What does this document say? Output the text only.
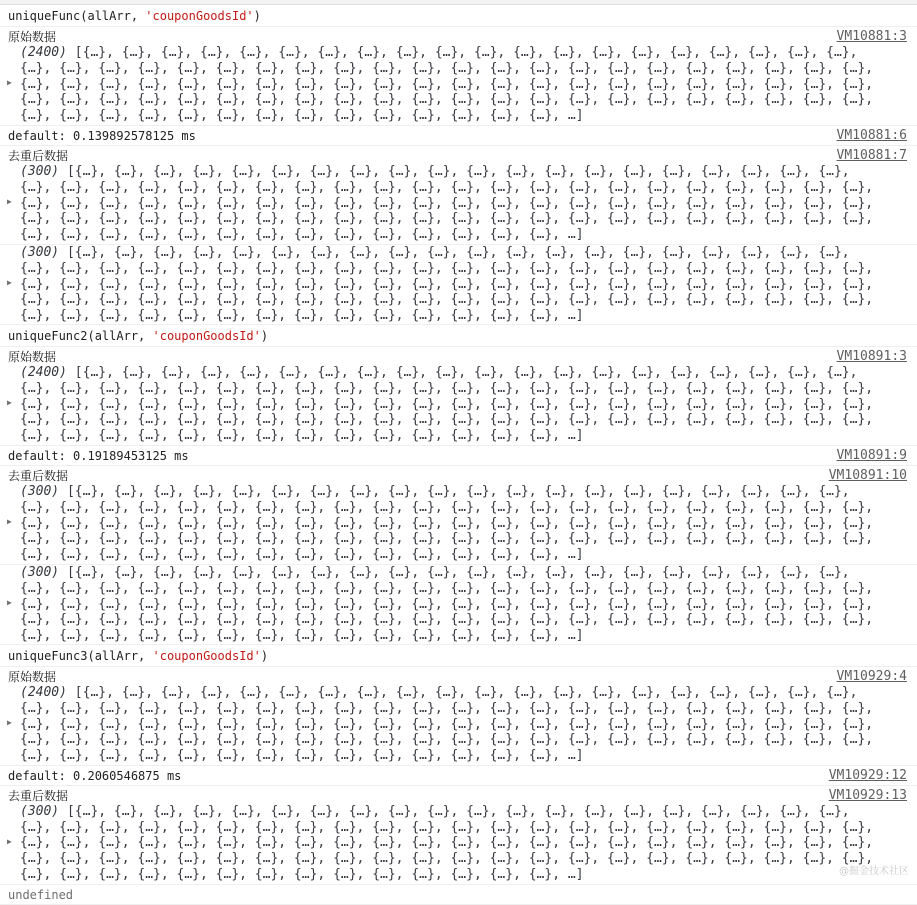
uniqueFunc(allArr, 'couponGoodsId')
原始数据
▶
(2400) [{…}, {…}, {…}, {…}, {…}, {…}, {…}, {…}, {…}, {…}, {…}, {…}, {…}, {…}, {…}, {…}, {…}, {…}, {…}, {…},
{…}, {…}, {…}, {…}, {…}, {…}, {…}, {…}, {…}, {…}, {…}, {…}, {…}, {…}, {…}, {…}, {…}, {…}, {…}, {…}, {…}, {…},
{…}, {…}, {…}, {…}, {…}, {…}, {…}, {…}, {…}, {…}, {…}, {…}, {…}, {…}, {…}, {…}, {…}, {…}, {…}, {…}, {…}, {…},
{…}, {…}, {…}, {…}, {…}, {…}, {…}, {…}, {…}, {…}, {…}, {…}, {…}, {…}, {…}, {…}, {…}, {…}, {…}, {…}, {…}, {…},
{…}, {…}, {…}, {…}, {…}, {…}, {…}, {…}, {…}, {…}, {…}, {…}, {…}, {…}, …]
VM10881:3
default: 0.139892578125 ms	VM10881:6
去重后数据
▶
(300) [{…}, {…}, {…}, {…}, {…}, {…}, {…}, {…}, {…}, {…}, {…}, {…}, {…}, {…}, {…}, {…}, {…}, {…}, {…}, {…},
{…}, {…}, {…}, {…}, {…}, {…}, {…}, {…}, {…}, {…}, {…}, {…}, {…}, {…}, {…}, {…}, {…}, {…}, {…}, {…}, {…}, {…},
{…}, {…}, {…}, {…}, {…}, {…}, {…}, {…}, {…}, {…}, {…}, {…}, {…}, {…}, {…}, {…}, {…}, {…}, {…}, {…}, {…}, {…},
{…}, {…}, {…}, {…}, {…}, {…}, {…}, {…}, {…}, {…}, {…}, {…}, {…}, {…}, {…}, {…}, {…}, {…}, {…}, {…}, {…}, {…},
{…}, {…}, {…}, {…}, {…}, {…}, {…}, {…}, {…}, {…}, {…}, {…}, {…}, {…}, …]
VM10881:7
▶
(300) [{…}, {…}, {…}, {…}, {…}, {…}, {…}, {…}, {…}, {…}, {…}, {…}, {…}, {…}, {…}, {…}, {…}, {…}, {…}, {…},
{…}, {…}, {…}, {…}, {…}, {…}, {…}, {…}, {…}, {…}, {…}, {…}, {…}, {…}, {…}, {…}, {…}, {…}, {…}, {…}, {…}, {…},
{…}, {…}, {…}, {…}, {…}, {…}, {…}, {…}, {…}, {…}, {…}, {…}, {…}, {…}, {…}, {…}, {…}, {…}, {…}, {…}, {…}, {…},
{…}, {…}, {…}, {…}, {…}, {…}, {…}, {…}, {…}, {…}, {…}, {…}, {…}, {…}, {…}, {…}, {…}, {…}, {…}, {…}, {…}, {…},
{…}, {…}, {…}, {…}, {…}, {…}, {…}, {…}, {…}, {…}, {…}, {…}, {…}, {…}, …]
uniqueFunc2(allArr, 'couponGoodsId')
原始数据
▶
(2400) [{…}, {…}, {…}, {…}, {…}, {…}, {…}, {…}, {…}, {…}, {…}, {…}, {…}, {…}, {…}, {…}, {…}, {…}, {…}, {…},
{…}, {…}, {…}, {…}, {…}, {…}, {…}, {…}, {…}, {…}, {…}, {…}, {…}, {…}, {…}, {…}, {…}, {…}, {…}, {…}, {…}, {…},
{…}, {…}, {…}, {…}, {…}, {…}, {…}, {…}, {…}, {…}, {…}, {…}, {…}, {…}, {…}, {…}, {…}, {…}, {…}, {…}, {…}, {…},
{…}, {…}, {…}, {…}, {…}, {…}, {…}, {…}, {…}, {…}, {…}, {…}, {…}, {…}, {…}, {…}, {…}, {…}, {…}, {…}, {…}, {…},
{…}, {…}, {…}, {…}, {…}, {…}, {…}, {…}, {…}, {…}, {…}, {…}, {…}, {…}, …]
VM10891:3
default: 0.19189453125 ms	VM10891:9
去重后数据
▶
(300) [{…}, {…}, {…}, {…}, {…}, {…}, {…}, {…}, {…}, {…}, {…}, {…}, {…}, {…}, {…}, {…}, {…}, {…}, {…}, {…},
{…}, {…}, {…}, {…}, {…}, {…}, {…}, {…}, {…}, {…}, {…}, {…}, {…}, {…}, {…}, {…}, {…}, {…}, {…}, {…}, {…}, {…},
{…}, {…}, {…}, {…}, {…}, {…}, {…}, {…}, {…}, {…}, {…}, {…}, {…}, {…}, {…}, {…}, {…}, {…}, {…}, {…}, {…}, {…},
{…}, {…}, {…}, {…}, {…}, {…}, {…}, {…}, {…}, {…}, {…}, {…}, {…}, {…}, {…}, {…}, {…}, {…}, {…}, {…}, {…}, {…},
{…}, {…}, {…}, {…}, {…}, {…}, {…}, {…}, {…}, {…}, {…}, {…}, {…}, {…}, …]
VM10891:10
▶
(300) [{…}, {…}, {…}, {…}, {…}, {…}, {…}, {…}, {…}, {…}, {…}, {…}, {…}, {…}, {…}, {…}, {…}, {…}, {…}, {…},
{…}, {…}, {…}, {…}, {…}, {…}, {…}, {…}, {…}, {…}, {…}, {…}, {…}, {…}, {…}, {…}, {…}, {…}, {…}, {…}, {…}, {…},
{…}, {…}, {…}, {…}, {…}, {…}, {…}, {…}, {…}, {…}, {…}, {…}, {…}, {…}, {…}, {…}, {…}, {…}, {…}, {…}, {…}, {…},
{…}, {…}, {…}, {…}, {…}, {…}, {…}, {…}, {…}, {…}, {…}, {…}, {…}, {…}, {…}, {…}, {…}, {…}, {…}, {…}, {…}, {…},
{…}, {…}, {…}, {…}, {…}, {…}, {…}, {…}, {…}, {…}, {…}, {…}, {…}, {…}, …]
uniqueFunc3(allArr, 'couponGoodsId')
原始数据
▶
(2400) [{…}, {…}, {…}, {…}, {…}, {…}, {…}, {…}, {…}, {…}, {…}, {…}, {…}, {…}, {…}, {…}, {…}, {…}, {…}, {…},
{…}, {…}, {…}, {…}, {…}, {…}, {…}, {…}, {…}, {…}, {…}, {…}, {…}, {…}, {…}, {…}, {…}, {…}, {…}, {…}, {…}, {…},
{…}, {…}, {…}, {…}, {…}, {…}, {…}, {…}, {…}, {…}, {…}, {…}, {…}, {…}, {…}, {…}, {…}, {…}, {…}, {…}, {…}, {…},
{…}, {…}, {…}, {…}, {…}, {…}, {…}, {…}, {…}, {…}, {…}, {…}, {…}, {…}, {…}, {…}, {…}, {…}, {…}, {…}, {…}, {…},
{…}, {…}, {…}, {…}, {…}, {…}, {…}, {…}, {…}, {…}, {…}, {…}, {…}, {…}, …]
VM10929:4
default: 0.2060546875 ms	VM10929:12
去重后数据
▶
(300) [{…}, {…}, {…}, {…}, {…}, {…}, {…}, {…}, {…}, {…}, {…}, {…}, {…}, {…}, {…}, {…}, {…}, {…}, {…}, {…},
{…}, {…}, {…}, {…}, {…}, {…}, {…}, {…}, {…}, {…}, {…}, {…}, {…}, {…}, {…}, {…}, {…}, {…}, {…}, {…}, {…}, {…},
{…}, {…}, {…}, {…}, {…}, {…}, {…}, {…}, {…}, {…}, {…}, {…}, {…}, {…}, {…}, {…}, {…}, {…}, {…}, {…}, {…}, {…},
{…}, {…}, {…}, {…}, {…}, {…}, {…}, {…}, {…}, {…}, {…}, {…}, {…}, {…}, {…}, {…}, {…}, {…}, {…}, {…}, {…}, {…},
{…}, {…}, {…}, {…}, {…}, {…}, {…}, {…}, {…}, {…}, {…}, {…}, {…}, {…}, …]
VM10929:13
undefined
@掘金技术社区
